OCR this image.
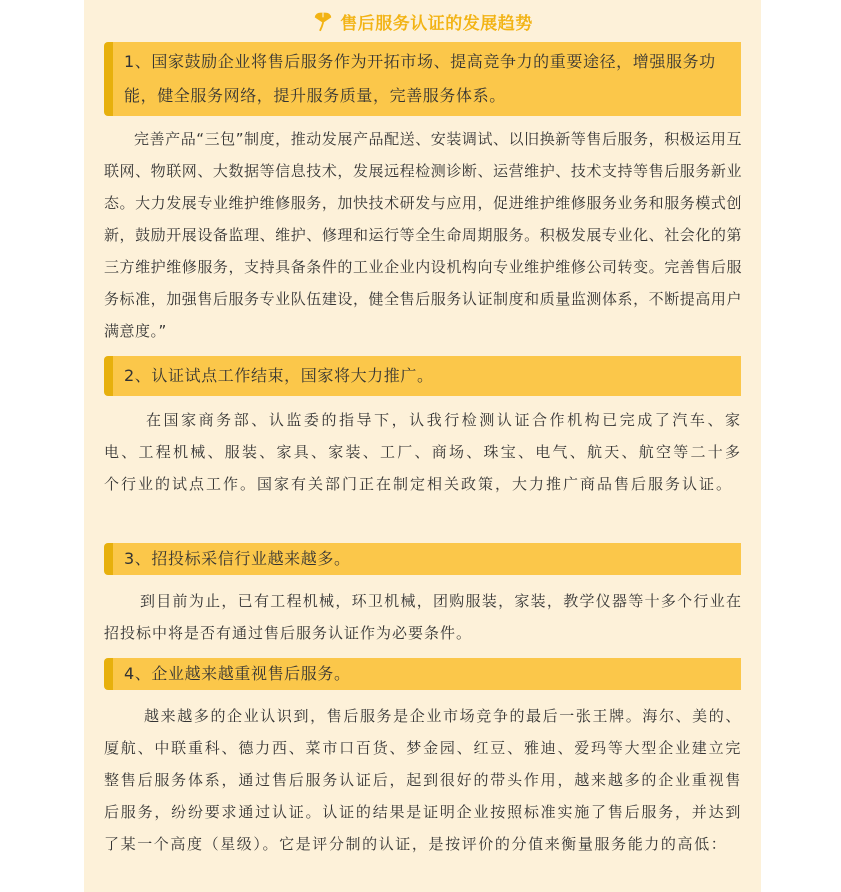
售后服务认证的发展趋势
1、国家鼓励企业将售后服务作为开拓市场、提高竞争力的重要途径，增强服务功能，健全服务网络，提升服务质量，完善服务体系。

完善产品“三包”制度，推动发展产品配送、安装调试、以旧换新等售后服务，积极运用互联网、物联网、大数据等信息技术，发展远程检测诊断、运营维护、技术支持等售后服务新业态。大力发展专业维护维修服务，加快技术研发与应用，促进维护维修服务业务和服务模式创新，鼓励开展设备监理、维护、修理和运行等全生命周期服务。积极发展专业化、社会化的第三方维护维修服务，支持具备条件的工业企业内设机构向专业维护维修公司转变。完善售后服务标准，加强售后服务专业队伍建设，健全售后服务认证制度和质量监测体系，不断提高用户满意度。”

2、认证试点工作结束，国家将大力推广。

在国家商务部、认监委的指导下，认我行检测认证合作机构已完成了汽车、家电、工程机械、服装、家具、家装、工厂、商场、珠宝、电气、航天、航空等二十多个行业的试点工作。国家有关部门正在制定相关政策，大力推广商品售后服务认证。

3、招投标采信行业越来越多。

到目前为止，已有工程机械，环卫机械，团购服装，家装，教学仪器等十多个行业在招投标中将是否有通过售后服务认证作为必要条件。

4、企业越来越重视售后服务。

越来越多的企业认识到，售后服务是企业市场竞争的最后一张王牌。海尔、美的、厦航、中联重科、德力西、菜市口百货、梦金园、红豆、雅迪、爱玛等大型企业建立完整售后服务体系，通过售后服务认证后，起到很好的带头作用，越来越多的企业重视售后服务，纷纷要求通过认证。认证的结果是证明企业按照标准实施了售后服务，并达到了某一个高度（星级）。它是评分制的认证，是按评价的分值来衡量服务能力的高低：
